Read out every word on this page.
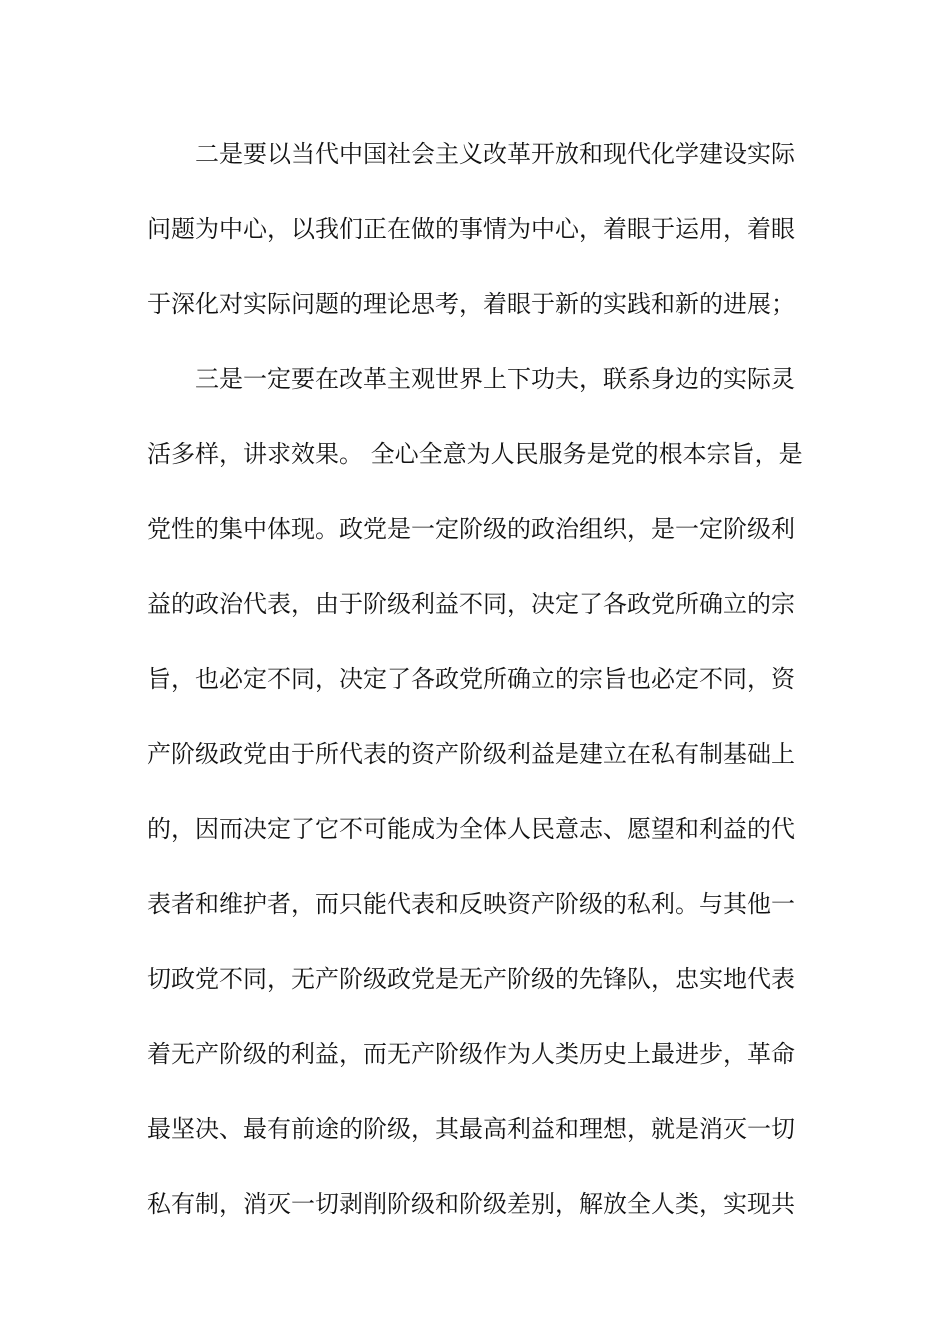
二是要以当代中国社会主义改革开放和现代化学建设实际
问题为中心，以我们正在做的事情为中心，着眼于运用，着眼
于深化对实际问题的理论思考，着眼于新的实践和新的进展；
三是一定要在改革主观世界上下功夫，联系身边的实际灵
活多样，讲求效果。 全心全意为人民服务是党的根本宗旨，是
党性的集中体现。政党是一定阶级的政治组织，是一定阶级利
益的政治代表，由于阶级利益不同，决定了各政党所确立的宗
旨，也必定不同，决定了各政党所确立的宗旨也必定不同，资
产阶级政党由于所代表的资产阶级利益是建立在私有制基础上
的，因而决定了它不可能成为全体人民意志、愿望和利益的代
表者和维护者，而只能代表和反映资产阶级的私利。与其他一
切政党不同，无产阶级政党是无产阶级的先锋队，忠实地代表
着无产阶级的利益，而无产阶级作为人类历史上最进步，革命
最坚决、最有前途的阶级，其最高利益和理想，就是消灭一切
私有制，消灭一切剥削阶级和阶级差别，解放全人类，实现共
